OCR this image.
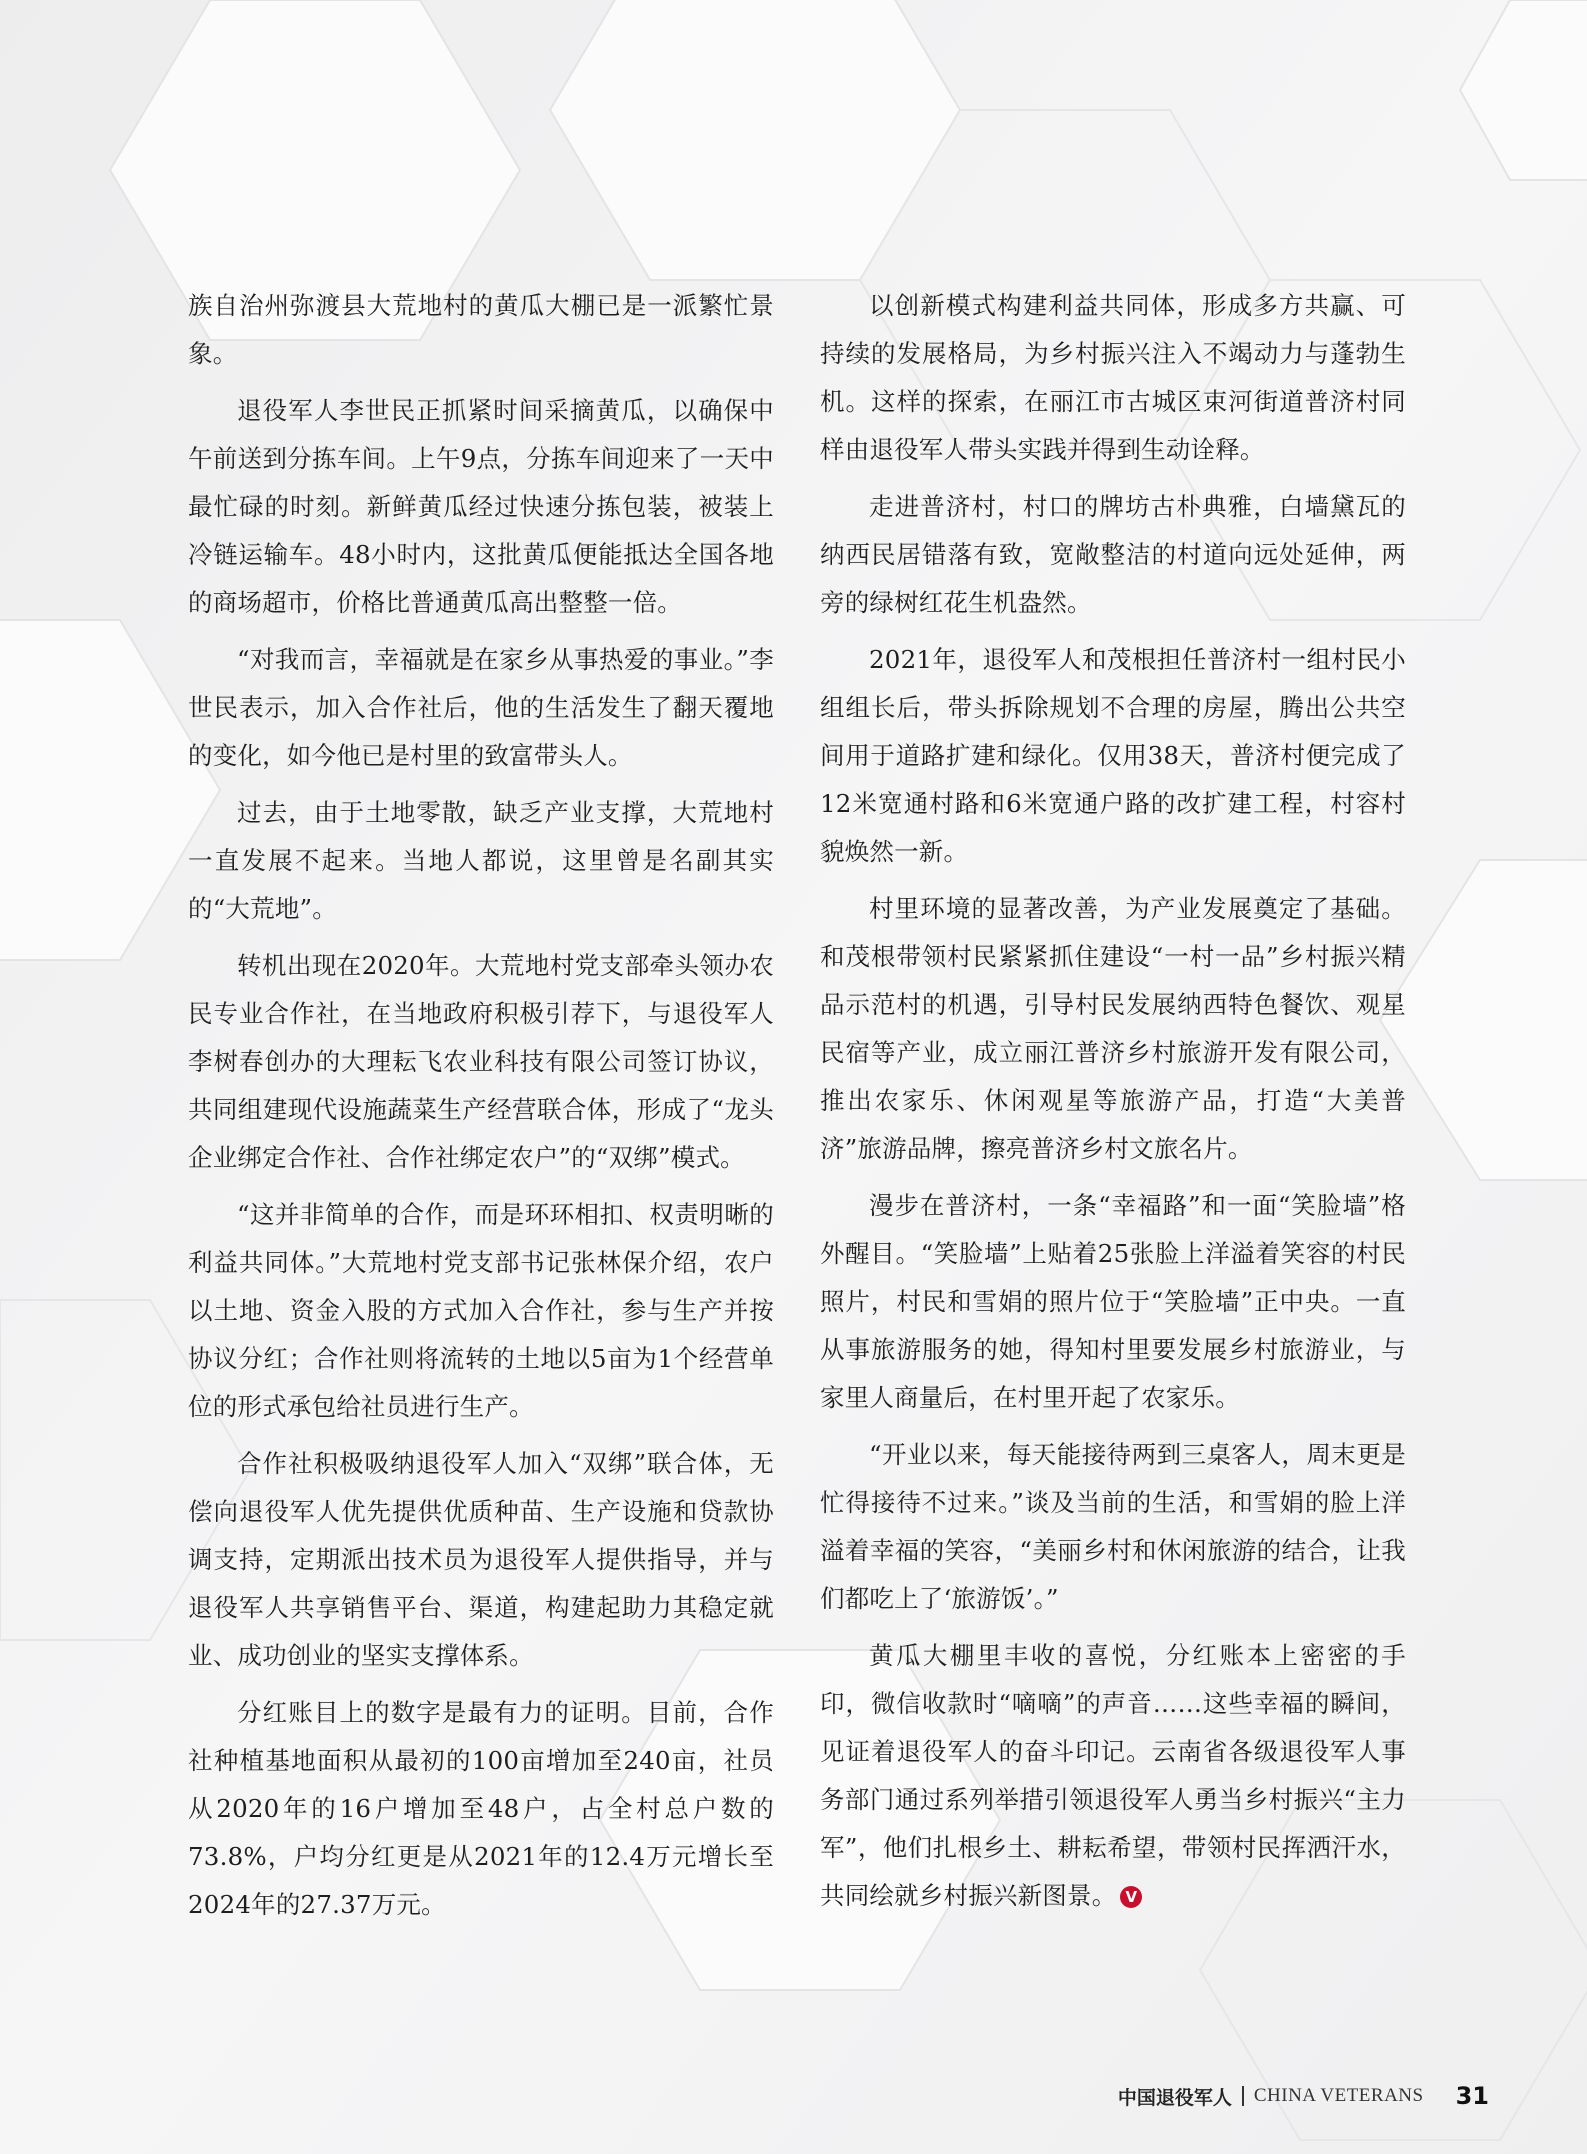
族自治州弥渡县大荒地村的黄瓜大棚已是一派繁忙景象。

退役军人李世民正抓紧时间采摘黄瓜，以确保中午前送到分拣车间。上午9点，分拣车间迎来了一天中最忙碌的时刻。新鲜黄瓜经过快速分拣包装，被装上冷链运输车。48小时内，这批黄瓜便能抵达全国各地的商场超市，价格比普通黄瓜高出整整一倍。

“对我而言，幸福就是在家乡从事热爱的事业。”李世民表示，加入合作社后，他的生活发生了翻天覆地的变化，如今他已是村里的致富带头人。

过去，由于土地零散，缺乏产业支撑，大荒地村一直发展不起来。当地人都说，这里曾是名副其实的“大荒地”。

转机出现在2020年。大荒地村党支部牵头领办农民专业合作社，在当地政府积极引荐下，与退役军人李树春创办的大理耘飞农业科技有限公司签订协议，共同组建现代设施蔬菜生产经营联合体，形成了“龙头企业绑定合作社、合作社绑定农户”的“双绑”模式。

“这并非简单的合作，而是环环相扣、权责明晰的利益共同体。”大荒地村党支部书记张林保介绍，农户以土地、资金入股的方式加入合作社，参与生产并按协议分红；合作社则将流转的土地以5亩为1个经营单位的形式承包给社员进行生产。

合作社积极吸纳退役军人加入“双绑”联合体，无偿向退役军人优先提供优质种苗、生产设施和贷款协调支持，定期派出技术员为退役军人提供指导，并与退役军人共享销售平台、渠道，构建起助力其稳定就业、成功创业的坚实支撑体系。

分红账目上的数字是最有力的证明。目前，合作社种植基地面积从最初的100亩增加至240亩，社员从2020年的16户增加至48户，占全村总户数的73.8%，户均分红更是从2021年的12.4万元增长至2024年的27.37万元。

以创新模式构建利益共同体，形成多方共赢、可持续的发展格局，为乡村振兴注入不竭动力与蓬勃生机。这样的探索，在丽江市古城区束河街道普济村同样由退役军人带头实践并得到生动诠释。

走进普济村，村口的牌坊古朴典雅，白墙黛瓦的纳西民居错落有致，宽敞整洁的村道向远处延伸，两旁的绿树红花生机盎然。

2021年，退役军人和茂根担任普济村一组村民小组组长后，带头拆除规划不合理的房屋，腾出公共空间用于道路扩建和绿化。仅用38天，普济村便完成了12米宽通村路和6米宽通户路的改扩建工程，村容村貌焕然一新。

村里环境的显著改善，为产业发展奠定了基础。和茂根带领村民紧紧抓住建设“一村一品”乡村振兴精品示范村的机遇，引导村民发展纳西特色餐饮、观星民宿等产业，成立丽江普济乡村旅游开发有限公司，推出农家乐、休闲观星等旅游产品，打造“大美普济”旅游品牌，擦亮普济乡村文旅名片。

漫步在普济村，一条“幸福路”和一面“笑脸墙”格外醒目。“笑脸墙”上贴着25张脸上洋溢着笑容的村民照片，村民和雪娟的照片位于“笑脸墙”正中央。一直从事旅游服务的她，得知村里要发展乡村旅游业，与家里人商量后，在村里开起了农家乐。

“开业以来，每天能接待两到三桌客人，周末更是忙得接待不过来。”谈及当前的生活，和雪娟的脸上洋溢着幸福的笑容，“美丽乡村和休闲旅游的结合，让我们都吃上了‘旅游饭’。”

黄瓜大棚里丰收的喜悦，分红账本上密密的手印，微信收款时“嘀嘀”的声音……这些幸福的瞬间，见证着退役军人的奋斗印记。云南省各级退役军人事务部门通过系列举措引领退役军人勇当乡村振兴“主力军”，他们扎根乡土、耕耘希望，带领村民挥洒汗水，共同绘就乡村振兴新图景。 V

中国退役军人 CHINA VETERANS 31
